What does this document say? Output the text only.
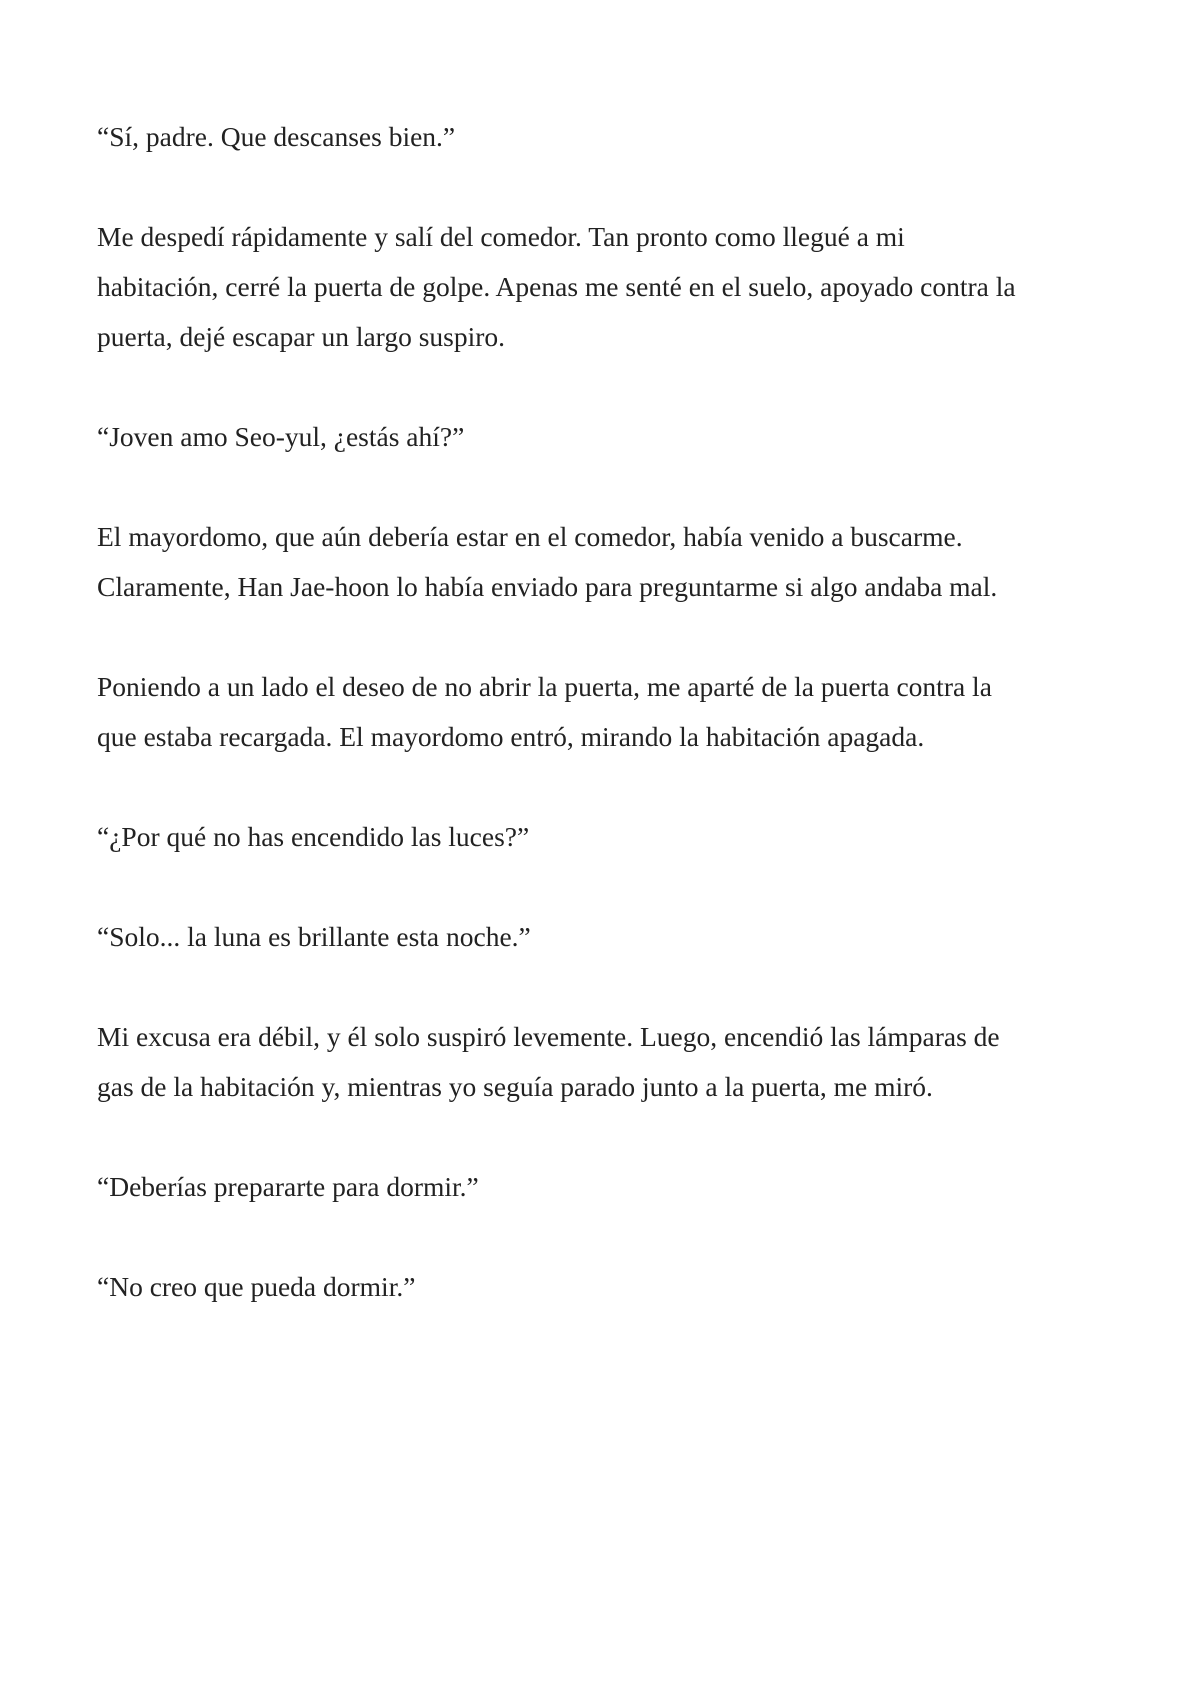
“Sí, padre. Que descanses bien.”

Me despedí rápidamente y salí del comedor. Tan pronto como llegué a mi habitación, cerré la puerta de golpe. Apenas me senté en el suelo, apoyado contra la puerta, dejé escapar un largo suspiro.

“Joven amo Seo-yul, ¿estás ahí?”

El mayordomo, que aún debería estar en el comedor, había venido a buscarme. Claramente, Han Jae-hoon lo había enviado para preguntarme si algo andaba mal.

Poniendo a un lado el deseo de no abrir la puerta, me aparté de la puerta contra la que estaba recargada. El mayordomo entró, mirando la habitación apagada.

“¿Por qué no has encendido las luces?”

“Solo... la luna es brillante esta noche.”

Mi excusa era débil, y él solo suspiró levemente. Luego, encendió las lámparas de gas de la habitación y, mientras yo seguía parado junto a la puerta, me miró.

“Deberías prepararte para dormir.”

“No creo que pueda dormir.”
